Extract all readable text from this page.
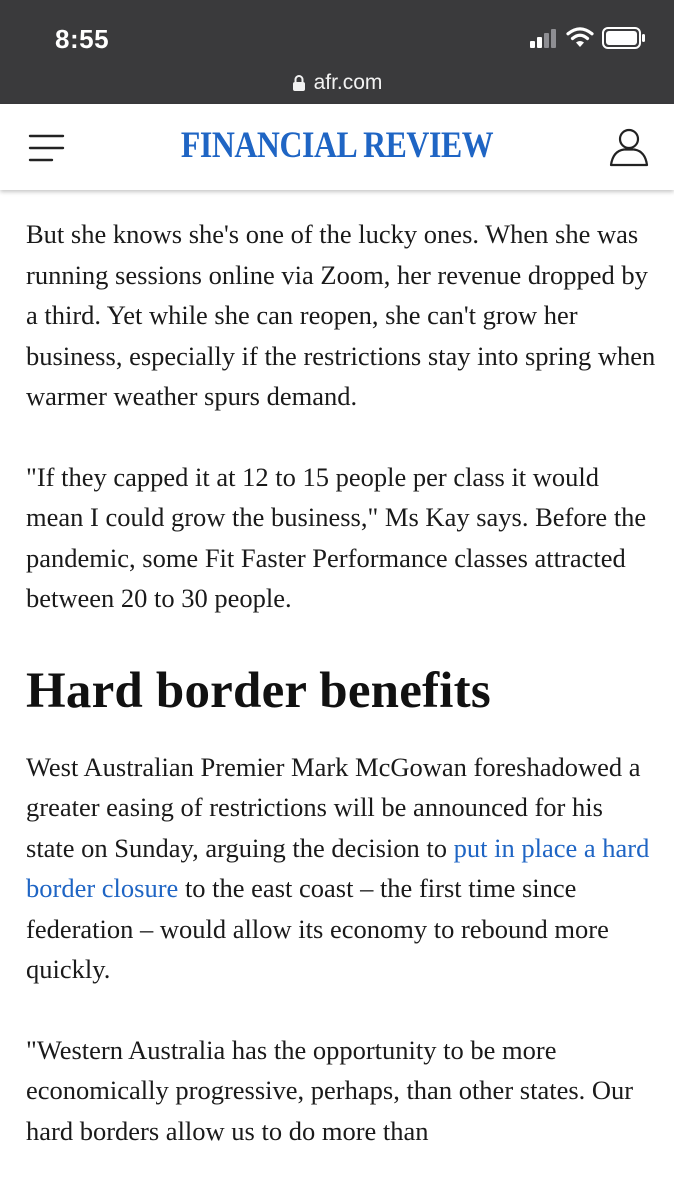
8:55
afr.com
FINANCIAL REVIEW

But she knows she's one of the lucky ones. When she was running sessions online via Zoom, her revenue dropped by a third. Yet while she can reopen, she can't grow her business, especially if the restrictions stay into spring when warmer weather spurs demand.

"If they capped it at 12 to 15 people per class it would mean I could grow the business," Ms Kay says. Before the pandemic, some Fit Faster Performance classes attracted between 20 to 30 people.

Hard border benefits

West Australian Premier Mark McGowan foreshadowed a greater easing of restrictions will be announced for his state on Sunday, arguing the decision to put in place a hard border closure to the east coast – the first time since federation – would allow its economy to rebound more quickly.

"Western Australia has the opportunity to be more economically progressive, perhaps, than other states. Our hard borders allow us to do more than
